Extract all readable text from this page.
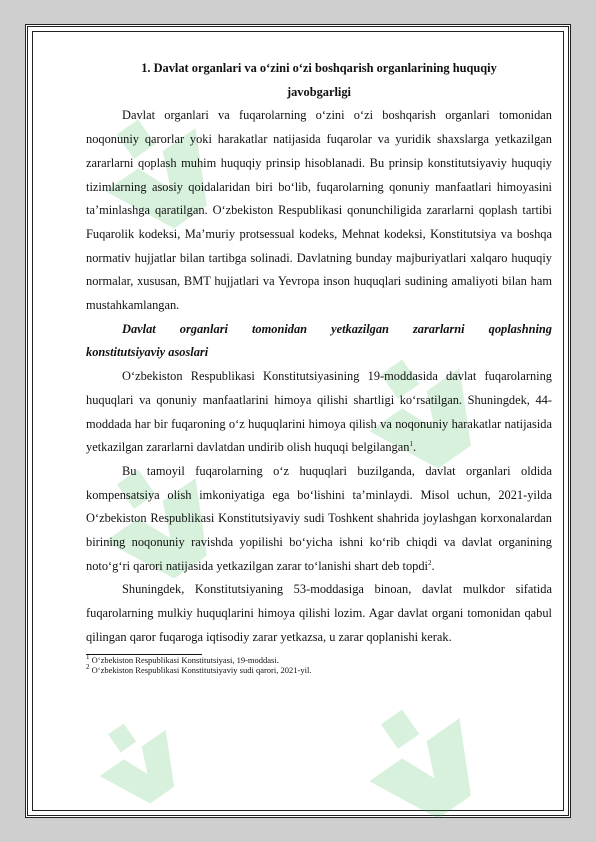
1. Davlat organlari va o‘zini o‘zi boshqarish organlarining huquqiy
javobgarligi

Davlat organlari va fuqarolarning o‘zini o‘zi boshqarish organlari tomonidan noqonuniy qarorlar yoki harakatlar natijasida fuqarolar va yuridik shaxslarga yetkazilgan zararlarni qoplash muhim huquqiy prinsip hisoblanadi. Bu prinsip konstitutsiyaviy huquqiy tizimlarning asosiy qoidalaridan biri bo‘lib, fuqarolarning qonuniy manfaatlari himoyasini ta’minlashga qaratilgan. O‘zbekiston Respublikasi qonunchiligida zararlarni qoplash tartibi Fuqarolik kodeksi, Ma’muriy protsessual kodeks, Mehnat kodeksi, Konstitutsiya va boshqa normativ hujjatlar bilan tartibga solinadi. Davlatning bunday majburiyatlari xalqaro huquqiy normalar, xususan, BMT hujjatlari va Yevropa inson huquqlari sudining amaliyoti bilan ham mustahkamlangan.

Davlat organlari tomonidan yetkazilgan zararlarni qoplashning

konstitutsiyaviy asoslari

O‘zbekiston Respublikasi Konstitutsiyasining 19-moddasida davlat fuqarolarning huquqlari va qonuniy manfaatlarini himoya qilishi shartligi ko‘rsatilgan. Shuningdek, 44-moddada har bir fuqaroning o‘z huquqlarini himoya qilish va noqonuniy harakatlar natijasida yetkazilgan zararlarni davlatdan undirib olish huquqi belgilangan$^1$.

Bu tamoyil fuqarolarning o‘z huquqlari buzilganda, davlat organlari oldida kompensatsiya olish imkoniyatiga ega bo‘lishini ta’minlaydi. Misol uchun, 2021-yilda O‘zbekiston Respublikasi Konstitutsiyaviy sudi Toshkent shahrida joylashgan korxonalardan birining noqonuniy ravishda yopilishi bo‘yicha ishni ko‘rib chiqdi va davlat organining noto‘g‘ri qarori natijasida yetkazilgan zarar to‘lanishi shart deb topdi$^2$.

Shuningdek, Konstitutsiyaning 53-moddasiga binoan, davlat mulkdor sifatida fuqarolarning mulkiy huquqlarini himoya qilishi lozim. Agar davlat organi tomonidan qabul qilingan qaror fuqaroga iqtisodiy zarar yetkazsa, u zarar qoplanishi kerak.

$^1$ O‘zbekiston Respublikasi Konstitutsiyasi, 19-moddasi.

$^2$ O‘zbekiston Respublikasi Konstitutsiyaviy sudi qarori, 2021-yil.
